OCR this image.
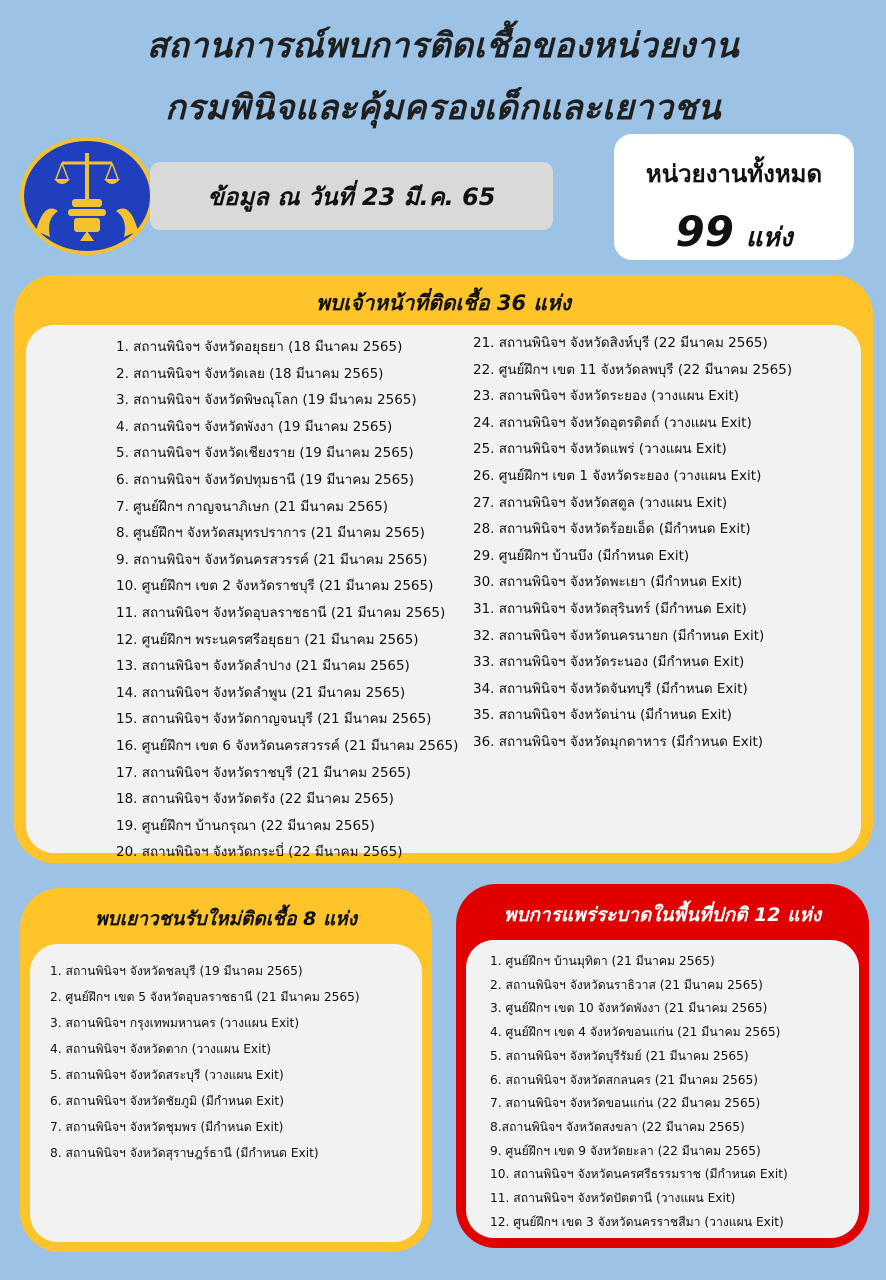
สถานการณ์พบการติดเชื้อของหน่วยงาน
กรมพินิจและคุ้มครองเด็กและเยาวชน
ข้อมูล ณ วันที่ 23 มี.ค. 65
หน่วยงานทั้งหมด
99 แห่ง
พบเจ้าหน้าที่ติดเชื้อ 36 แห่ง
1. สถานพินิจฯ จังหวัดอยุธยา (18 มีนาคม 2565)
2. สถานพินิจฯ จังหวัดเลย (18 มีนาคม 2565)
3. สถานพินิจฯ จังหวัดพิษณุโลก (19 มีนาคม 2565)
4. สถานพินิจฯ จังหวัดพังงา (19 มีนาคม 2565)
5. สถานพินิจฯ จังหวัดเชียงราย (19 มีนาคม 2565)
6. สถานพินิจฯ จังหวัดปทุมธานี (19 มีนาคม 2565)
7. ศูนย์ฝึกฯ กาญจนาภิเษก (21 มีนาคม 2565)
8. ศูนย์ฝึกฯ จังหวัดสมุทรปราการ (21 มีนาคม 2565)
9. สถานพินิจฯ จังหวัดนครสวรรค์ (21 มีนาคม 2565)
10. ศูนย์ฝึกฯ เขต 2 จังหวัดราชบุรี (21 มีนาคม 2565)
11. สถานพินิจฯ จังหวัดอุบลราชธานี (21 มีนาคม 2565)
12. ศูนย์ฝึกฯ พระนครศรีอยุธยา (21 มีนาคม 2565)
13. สถานพินิจฯ จังหวัดลำปาง (21 มีนาคม 2565)
14. สถานพินิจฯ จังหวัดลำพูน (21 มีนาคม 2565)
15. สถานพินิจฯ จังหวัดกาญจนบุรี (21 มีนาคม 2565)
16. ศูนย์ฝึกฯ เขต 6 จังหวัดนครสวรรค์ (21 มีนาคม 2565)
17. สถานพินิจฯ จังหวัดราชบุรี (21 มีนาคม 2565)
18. สถานพินิจฯ จังหวัดตรัง (22 มีนาคม 2565)
19. ศูนย์ฝึกฯ บ้านกรุณา (22 มีนาคม 2565)
20. สถานพินิจฯ จังหวัดกระบี่ (22 มีนาคม 2565)
21. สถานพินิจฯ จังหวัดสิงห์บุรี (22 มีนาคม 2565)
22. ศูนย์ฝึกฯ เขต 11 จังหวัดลพบุรี (22 มีนาคม 2565)
23. สถานพินิจฯ จังหวัดระยอง (วางแผน Exit)
24. สถานพินิจฯ จังหวัดอุตรดิตถ์ (วางแผน Exit)
25. สถานพินิจฯ จังหวัดแพร่ (วางแผน Exit)
26. ศูนย์ฝึกฯ เขต 1 จังหวัดระยอง (วางแผน Exit)
27. สถานพินิจฯ จังหวัดสตูล (วางแผน Exit)
28. สถานพินิจฯ จังหวัดร้อยเอ็ด (มีกำหนด Exit)
29. ศูนย์ฝึกฯ บ้านบึง (มีกำหนด Exit)
30. สถานพินิจฯ จังหวัดพะเยา (มีกำหนด Exit)
31. สถานพินิจฯ จังหวัดสุรินทร์ (มีกำหนด Exit)
32. สถานพินิจฯ จังหวัดนครนายก (มีกำหนด Exit)
33. สถานพินิจฯ จังหวัดระนอง (มีกำหนด Exit)
34. สถานพินิจฯ จังหวัดจันทบุรี (มีกำหนด Exit)
35. สถานพินิจฯ จังหวัดน่าน (มีกำหนด Exit)
36. สถานพินิจฯ จังหวัดมุกดาหาร (มีกำหนด Exit)
พบเยาวชนรับใหม่ติดเชื้อ 8 แห่ง
1. สถานพินิจฯ จังหวัดชลบุรี (19 มีนาคม 2565)
2. ศูนย์ฝึกฯ เขต 5 จังหวัดอุบลราชธานี (21 มีนาคม 2565)
3. สถานพินิจฯ กรุงเทพมหานคร (วางแผน Exit)
4. สถานพินิจฯ จังหวัดตาก (วางแผน Exit)
5. สถานพินิจฯ จังหวัดสระบุรี (วางแผน Exit)
6. สถานพินิจฯ จังหวัดชัยภูมิ (มีกำหนด Exit)
7. สถานพินิจฯ จังหวัดชุมพร (มีกำหนด Exit)
8. สถานพินิจฯ จังหวัดสุราษฎร์ธานี (มีกำหนด Exit)
พบการแพร่ระบาดในพื้นที่ปกติ 12 แห่ง
1. ศูนย์ฝึกฯ บ้านมุทิตา (21 มีนาคม 2565)
2. สถานพินิจฯ จังหวัดนราธิวาส (21 มีนาคม 2565)
3. ศูนย์ฝึกฯ เขต 10 จังหวัดพังงา (21 มีนาคม 2565)
4. ศูนย์ฝึกฯ เขต 4 จังหวัดขอนแก่น (21 มีนาคม 2565)
5. สถานพินิจฯ จังหวัดบุรีรัมย์ (21 มีนาคม 2565)
6. สถานพินิจฯ จังหวัดสกลนคร (21 มีนาคม 2565)
7. สถานพินิจฯ จังหวัดขอนแก่น (22 มีนาคม 2565)
8.สถานพินิจฯ จังหวัดสงขลา (22 มีนาคม 2565)
9. ศูนย์ฝึกฯ เขต 9 จังหวัดยะลา (22 มีนาคม 2565)
10. สถานพินิจฯ จังหวัดนครศรีธรรมราช (มีกำหนด Exit)
11. สถานพินิจฯ จังหวัดปัตตานี (วางแผน Exit)
12. ศูนย์ฝึกฯ เขต 3 จังหวัดนครราชสีมา (วางแผน Exit)
